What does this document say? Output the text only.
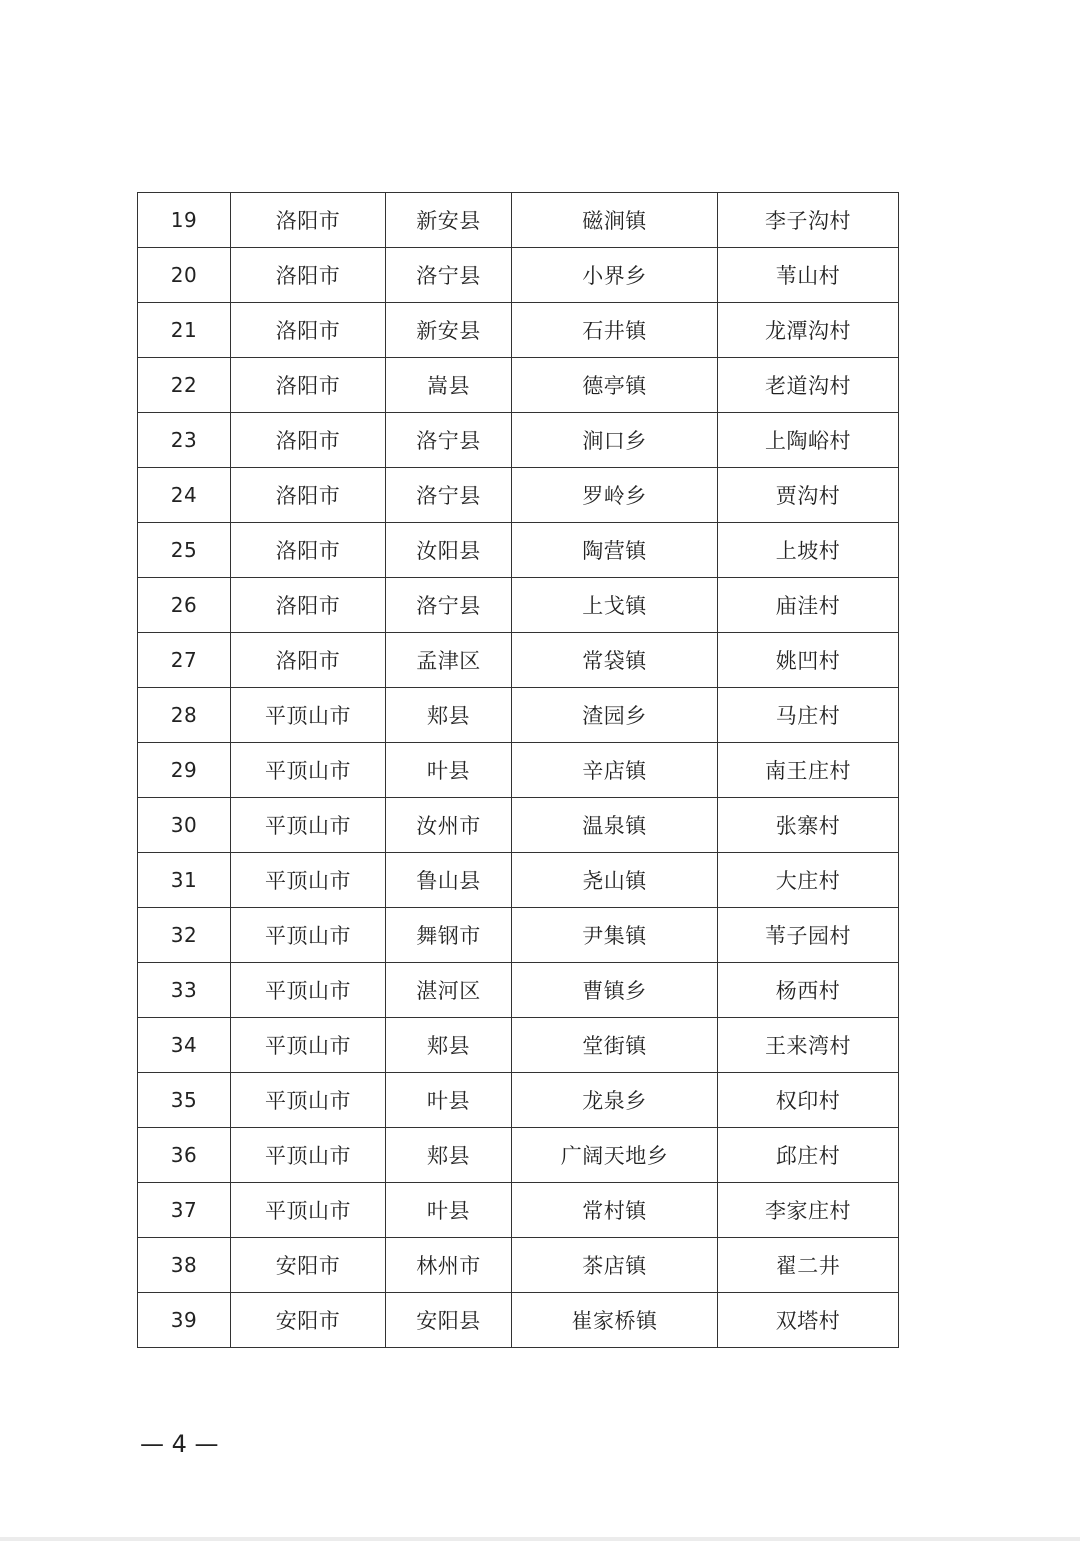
19	洛阳市	新安县	磁涧镇	李子沟村
20	洛阳市	洛宁县	小界乡	苇山村
21	洛阳市	新安县	石井镇	龙潭沟村
22	洛阳市	嵩县	德亭镇	老道沟村
23	洛阳市	洛宁县	涧口乡	上陶峪村
24	洛阳市	洛宁县	罗岭乡	贾沟村
25	洛阳市	汝阳县	陶营镇	上坡村
26	洛阳市	洛宁县	上戈镇	庙洼村
27	洛阳市	孟津区	常袋镇	姚凹村
28	平顶山市	郏县	渣园乡	马庄村
29	平顶山市	叶县	辛店镇	南王庄村
30	平顶山市	汝州市	温泉镇	张寨村
31	平顶山市	鲁山县	尧山镇	大庄村
32	平顶山市	舞钢市	尹集镇	苇子园村
33	平顶山市	湛河区	曹镇乡	杨西村
34	平顶山市	郏县	堂街镇	王来湾村
35	平顶山市	叶县	龙泉乡	权印村
36	平顶山市	郏县	广阔天地乡	邱庄村
37	平顶山市	叶县	常村镇	李家庄村
38	安阳市	林州市	茶店镇	翟二井
39	安阳市	安阳县	崔家桥镇	双塔村
— 4 —
